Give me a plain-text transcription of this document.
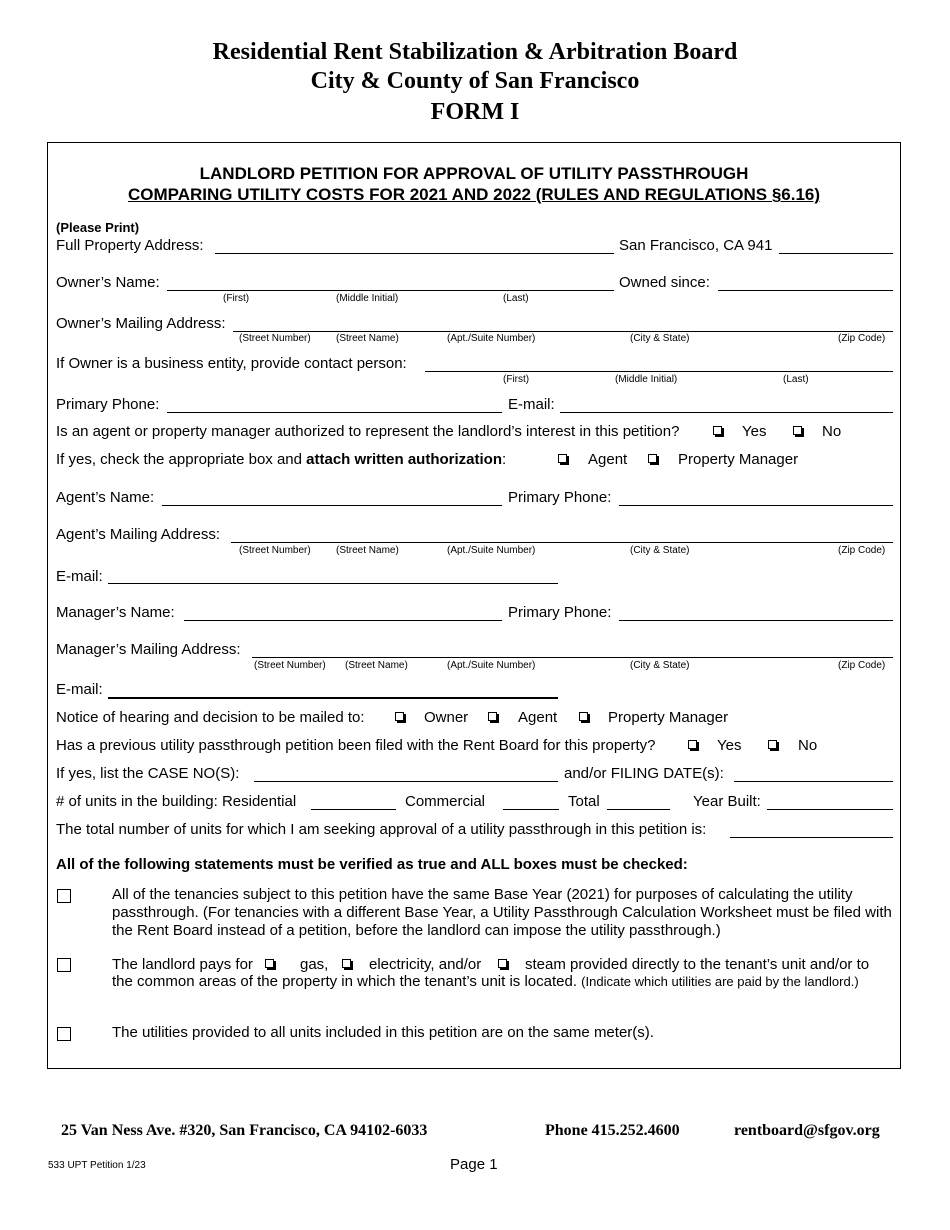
Residential Rent Stabilization & Arbitration Board
City & County of San Francisco
FORM I
LANDLORD PETITION FOR APPROVAL OF UTILITY PASSTHROUGH
COMPARING UTILITY COSTS FOR 2021 AND 2022 (RULES AND REGULATIONS §6.16)
(Please Print)
Full Property Address:	San Francisco, CA 941
Owner’s Name:	Owned since:
(First)	(Middle Initial)	(Last)
Owner’s Mailing Address:
(Street Number)	(Street Name)	(Apt./Suite Number)	(City & State)	(Zip Code)
If Owner is a business entity, provide contact person:
(First)	(Middle Initial)	(Last)
Primary Phone:	E-mail:
Is an agent or property manager authorized to represent the landlord’s interest in this petition?	Yes	No
If yes, check the appropriate box and attach written authorization:	Agent	Property Manager
Agent’s Name:	Primary Phone:
Agent’s Mailing Address:
(Street Number)	(Street Name)	(Apt./Suite Number)	(City & State)	(Zip Code)
E-mail:
Manager’s Name:	Primary Phone:
Manager’s Mailing Address:
(Street Number) (Street Name)	(Apt./Suite Number)	(City & State)	(Zip Code)
E-mail:
Notice of hearing and decision to be mailed to:	Owner	Agent	Property Manager
Has a previous utility passthrough petition been filed with the Rent Board for this property?	Yes	No
If yes, list the CASE NO(S):	and/or FILING DATE(s):
# of units in the building: Residential	Commercial	Total	Year Built:
The total number of units for which I am seeking approval of a utility passthrough in this petition is:
All of the following statements must be verified as true and ALL boxes must be checked:
All of the tenancies subject to this petition have the same Base Year (2021) for purposes of calculating the utility passthrough. (For tenancies with a different Base Year, a Utility Passthrough Calculation Worksheet must be filed with the Rent Board instead of a petition, before the landlord can impose the utility passthrough.)
The landlord pays for	gas,	electricity, and/or	steam provided directly to the tenant’s unit and/or to
the common areas of the property in which the tenant’s unit is located. (Indicate which utilities are paid by the landlord.)
The utilities provided to all units included in this petition are on the same meter(s).
25 Van Ness Ave. #320, San Francisco, CA 94102-6033	Phone 415.252.4600	rentboard@sfgov.org
533 UPT Petition 1/23	Page 1
